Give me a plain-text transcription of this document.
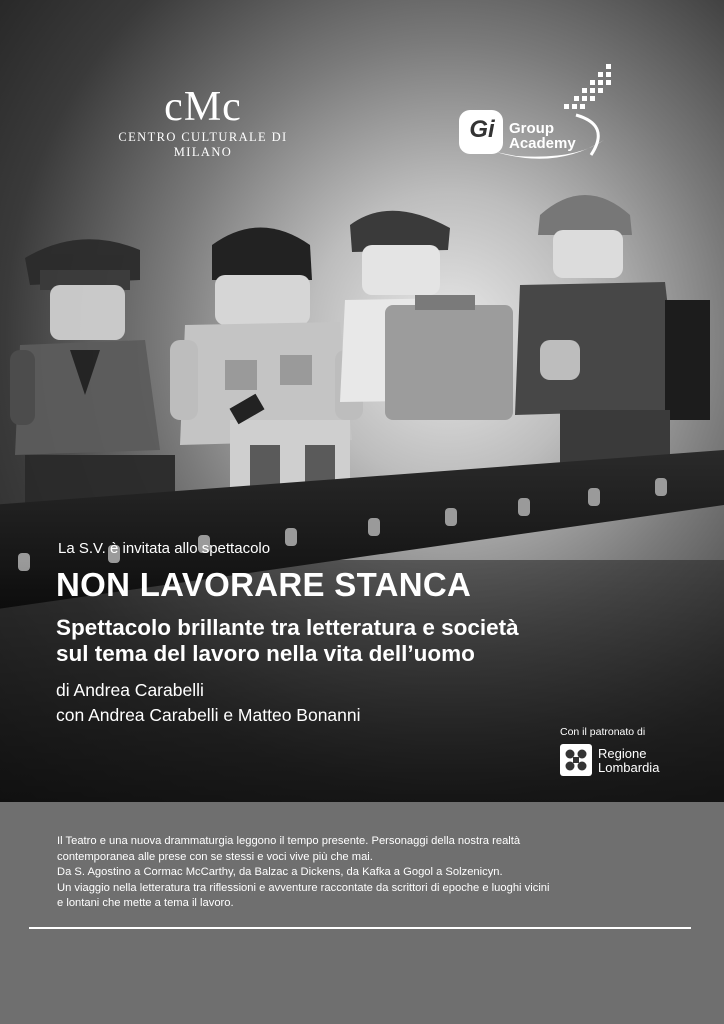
cMc
CENTRO CULTURALE DI MILANO
Gi Group
Academy
La S.V. è invitata allo spettacolo
NON LAVORARE STANCA
Spettacolo brillante tra letteratura e società
sul tema del lavoro nella vita dell’uomo
di Andrea Carabelli
con Andrea Carabelli e Matteo Bonanni
Con il patronato di
Regione
Lombardia
Il Teatro e una nuova drammaturgia leggono il tempo presente. Personaggi della nostra realtà
contemporanea alle prese con se stessi e voci vive più che mai.
Da S. Agostino a Cormac McCarthy, da Balzac a Dickens, da Kafka a Gogol a Solzenicyn.
Un viaggio nella letteratura tra riflessioni e avventure raccontate da scrittori di epoche e luoghi vicini
e lontani che mette a tema il lavoro.
